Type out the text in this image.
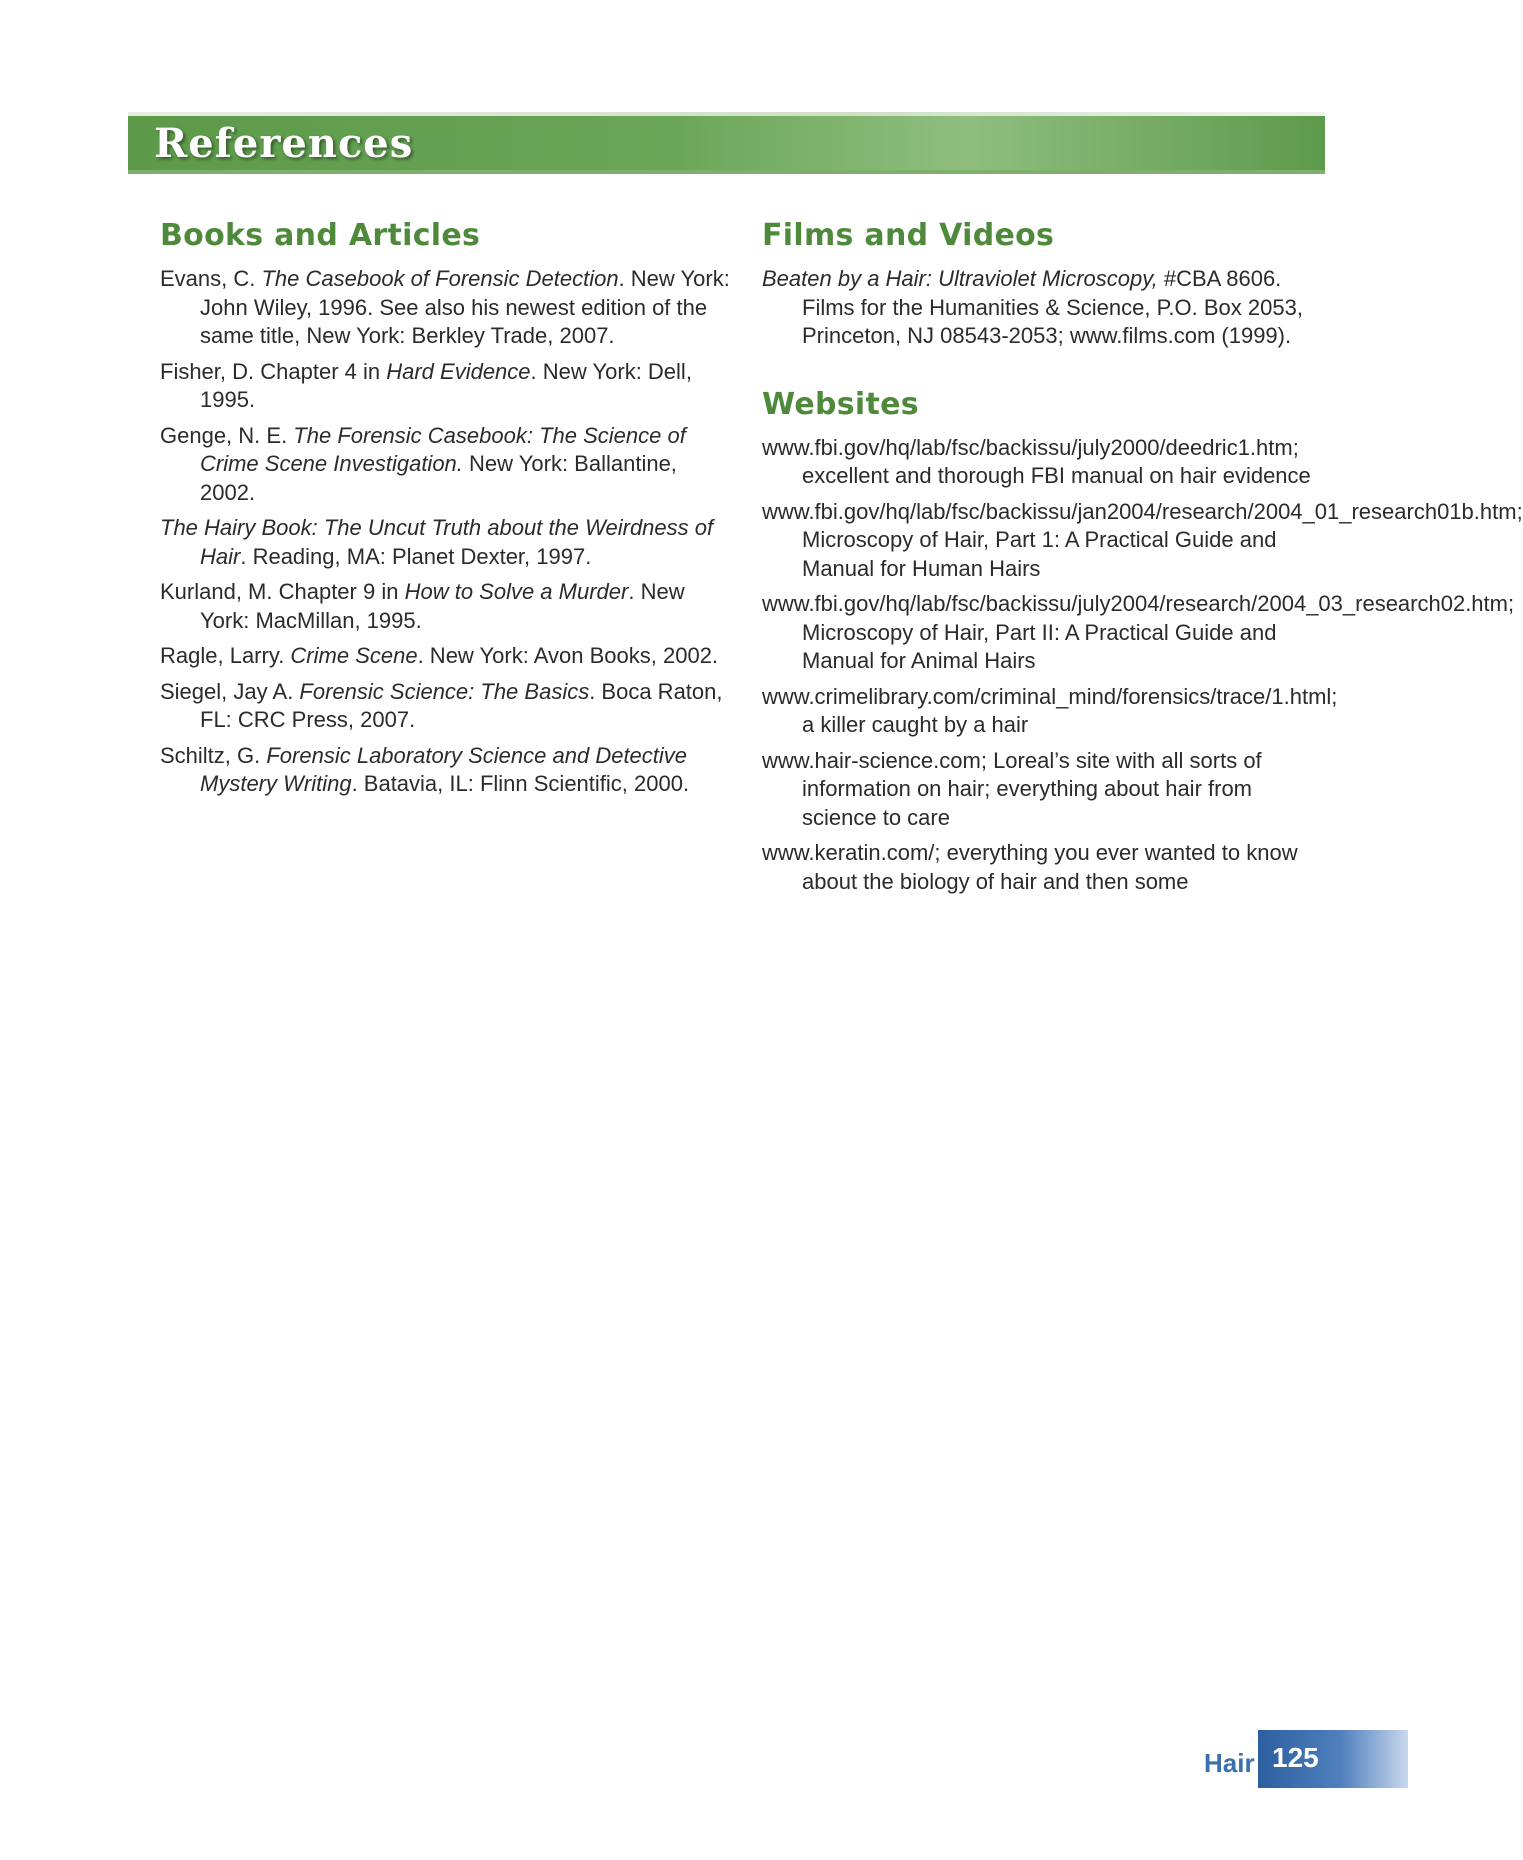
References
Books and Articles
Evans, C. The Casebook of Forensic Detection. New York: John Wiley, 1996. See also his newest edition of the same title, New York: Berkley Trade, 2007.
Fisher, D. Chapter 4 in Hard Evidence. New York: Dell, 1995.
Genge, N. E. The Forensic Casebook: The Science of Crime Scene Investigation. New York: Ballantine, 2002.
The Hairy Book: The Uncut Truth about the Weirdness of Hair. Reading, MA: Planet Dexter, 1997.
Kurland, M. Chapter 9 in How to Solve a Murder. New York: MacMillan, 1995.
Ragle, Larry. Crime Scene. New York: Avon Books, 2002.
Siegel, Jay A. Forensic Science: The Basics. Boca Raton, FL: CRC Press, 2007.
Schiltz, G. Forensic Laboratory Science and Detective Mystery Writing. Batavia, IL: Flinn Scientific, 2000.
Films and Videos
Beaten by a Hair: Ultraviolet Microscopy, #CBA 8606. Films for the Humanities & Science, P.O. Box 2053, Princeton, NJ 08543-2053; www.films.com (1999).
Websites
www.fbi.gov/hq/lab/fsc/backissu/july2000/deedric1.htm; excellent and thorough FBI manual on hair evidence
www.fbi.gov/hq/lab/fsc/backissu/jan2004/research/2004_01_research01b.htm; Microscopy of Hair, Part 1: A Practical Guide and Manual for Human Hairs
www.fbi.gov/hq/lab/fsc/backissu/july2004/research/2004_03_research02.htm; Microscopy of Hair, Part II: A Practical Guide and Manual for Animal Hairs
www.crimelibrary.com/criminal_mind/forensics/trace/1.html; a killer caught by a hair
www.hair-science.com; Loreal’s site with all sorts of information on hair; everything about hair from science to care
www.keratin.com/; everything you ever wanted to know about the biology of hair and then some
Hair 125
